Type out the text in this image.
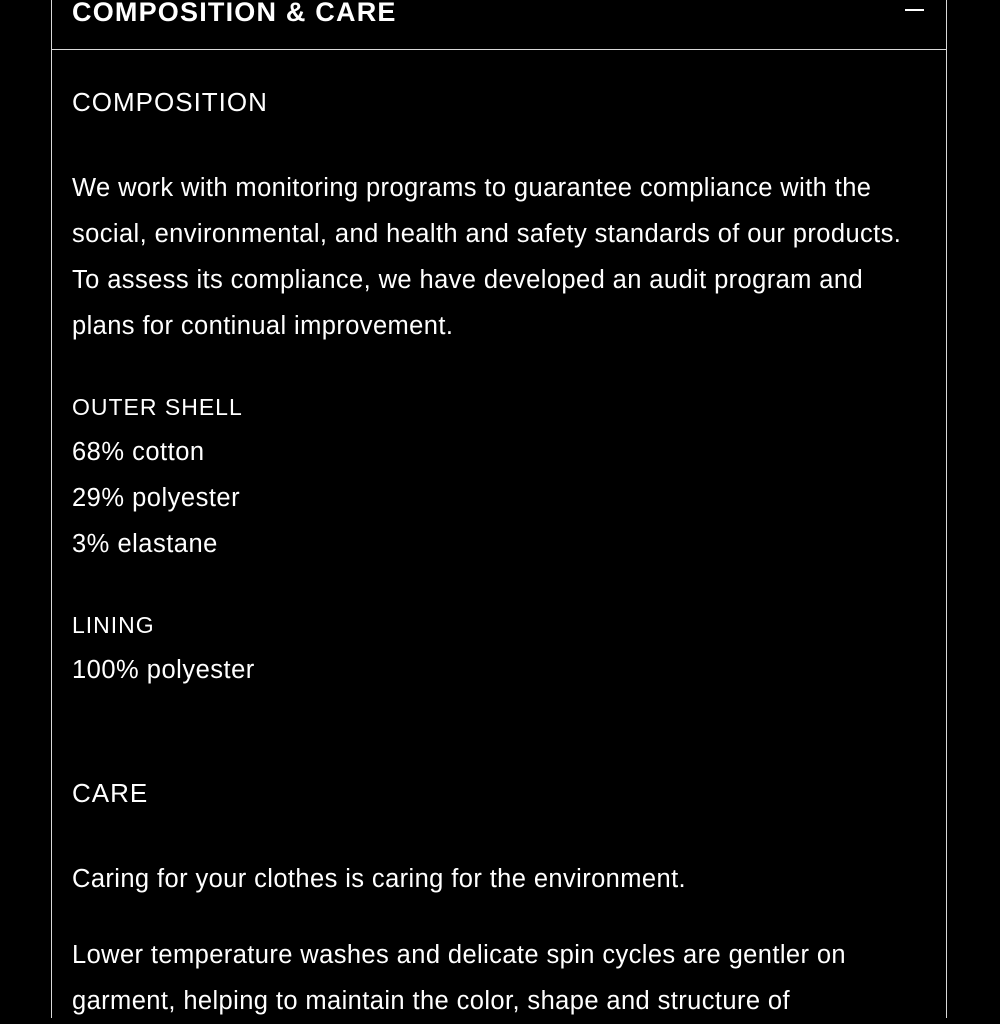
COMPOSITION & CARE

COMPOSITION

We work with monitoring programs to guarantee compliance with the social, environmental, and health and safety standards of our products. To assess its compliance, we have developed an audit program and plans for continual improvement.

OUTER SHELL

68% cotton

29% polyester

3% elastane

LINING

100% polyester

CARE

Caring for your clothes is caring for the environment.

Lower temperature washes and delicate spin cycles are gentler on garment, helping to maintain the color, shape and structure of
